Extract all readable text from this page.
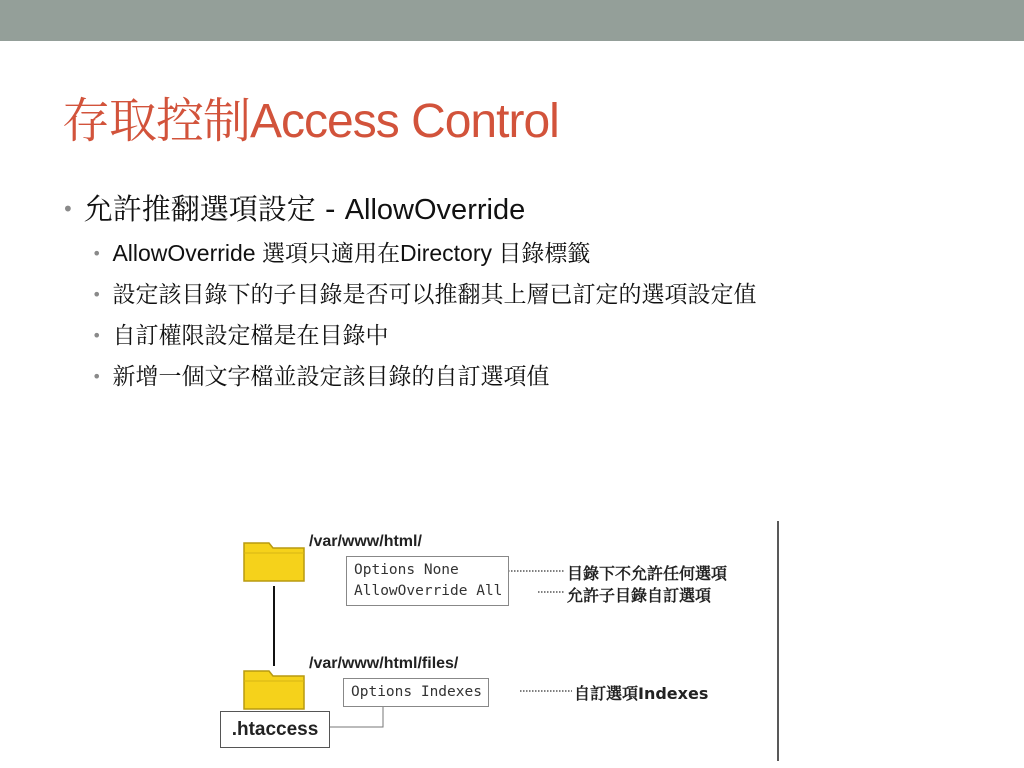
存取控制Access Control
• 允許推翻選項設定 - AllowOverride
• AllowOverride 選項只適用在Directory 目錄標籤
• 設定該目錄下的子目錄是否可以推翻其上層已訂定的選項設定值
• 自訂權限設定檔是在目錄中
• 新增一個文字檔並設定該目錄的自訂選項值
/var/www/html/
/var/www/html/files/
Options None
AllowOverride All
Options Indexes
目錄下不允許任何選項
允許子目錄自訂選項
自訂選項Indexes
.htaccess
